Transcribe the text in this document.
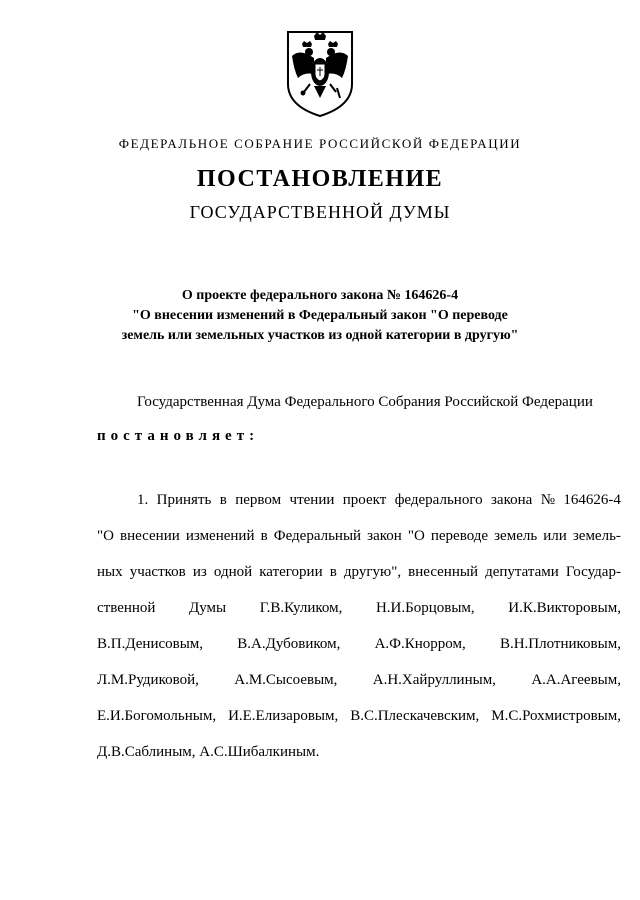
ФЕДЕРАЛЬНОЕ СОБРАНИЕ РОССИЙСКОЙ ФЕДЕРАЦИИ
ПОСТАНОВЛЕНИЕ
ГОСУДАРСТВЕННОЙ ДУМЫ
О проекте федерального закона № 164626-4
"О внесении изменений в Федеральный закон "О переводе
земель или земельных участков из одной категории в другую"
Государственная Дума Федерального Собрания Российской Федерации
постановляет:
1. Принять в первом чтении проект федерального закона № 164626-4
"О внесении изменений в Федеральный закон "О переводе земель или земель-
ных участков из одной категории в другую", внесенный депутатами Государ-
ственной Думы Г.В.Куликом, Н.И.Борцовым, И.К.Викторовым,
В.П.Денисовым, В.А.Дубовиком, А.Ф.Кнорром, В.Н.Плотниковым,
Л.М.Рудиковой, А.М.Сысоевым, А.Н.Хайруллиным, А.А.Агеевым,
Е.И.Богомольным, И.Е.Елизаровым, В.С.Плескачевским, М.С.Рохмистровым,
Д.В.Саблиным, А.С.Шибалкиным.
